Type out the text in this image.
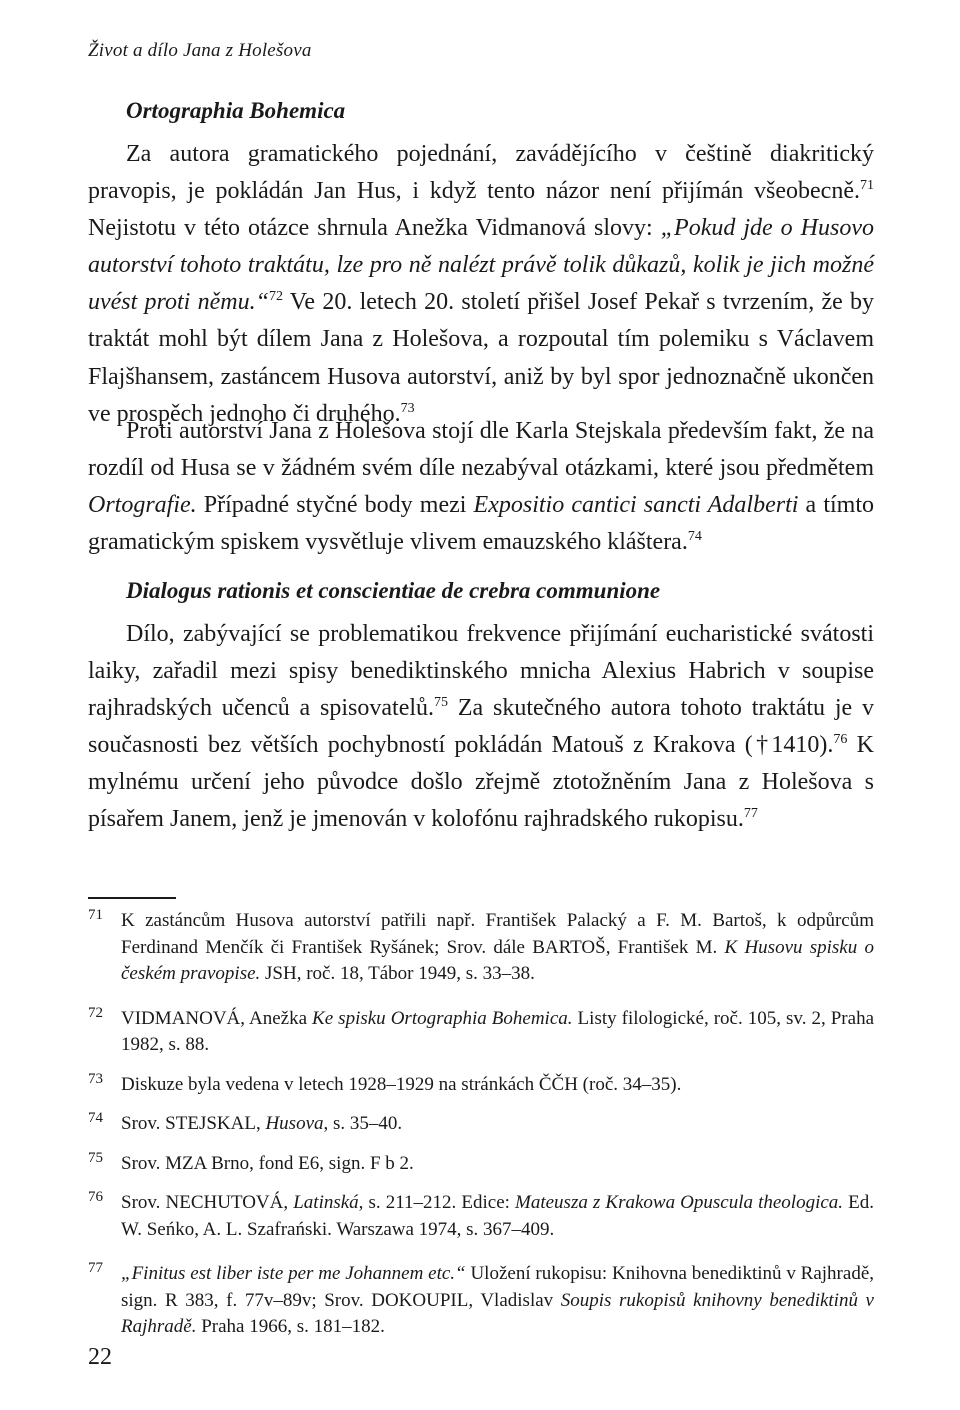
Život a dílo Jana z Holešova
Ortographia Bohemica

Za autora gramatického pojednání, zavádějícího v češtině diakritický pravopis, je pokládán Jan Hus, i když tento názor není přijímán všeobecně.$^{71}$ Nejistotu v této otázce shrnula Anežka Vidmanová slovy: „Pokud jde o Husovo autorství tohoto traktátu, lze pro ně nalézt právě tolik důkazů, kolik je jich možné uvést proti němu.“$^{72}$ Ve 20. letech 20. století přišel Josef Pekař s tvrzením, že by traktát mohl být dílem Jana z Holešova, a rozpoutal tím polemiku s Václavem Flajšhansem, zastáncem Husova autorství, aniž by byl spor jednoznačně ukončen ve prospěch jednoho či druhého.$^{73}$

Proti autorství Jana z Holešova stojí dle Karla Stejskala především fakt, že na rozdíl od Husa se v žádném svém díle nezabýval otázkami, které jsou předmětem Ortografie. Případné styčné body mezi Expositio cantici sancti Adalberti a tímto gramatickým spiskem vysvětluje vlivem emauzského kláštera.$^{74}$

Dialogus rationis et conscientiae de crebra communione

Dílo, zabývající se problematikou frekvence přijímání eucharistické svátosti laiky, zařadil mezi spisy benediktinského mnicha Alexius Habrich v soupise rajhradských učenců a spisovatelů.$^{75}$ Za skutečného autora tohoto traktátu je v současnosti bez větších pochybností pokládán Matouš z Krakova (†1410).$^{76}$ K mylnému určení jeho původce došlo zřejmě ztotožněním Jana z Holešova s písařem Janem, jenž je jmenován v kolofónu rajhradského rukopisu.$^{77}$

71 K zastáncům Husova autorství patřili např. František Palacký a F. M. Bartoš, k odpůrcům Ferdinand Menčík či František Ryšánek; Srov. dále BARTOŠ, František M. K Husovu spisku o českém pravopise. JSH, roč. 18, Tábor 1949, s. 33–38.
72 VIDMANOVÁ, Anežka Ke spisku Ortographia Bohemica. Listy filologické, roč. 105, sv. 2, Praha 1982, s. 88.
73 Diskuze byla vedena v letech 1928–1929 na stránkách ČČH (roč. 34–35).
74 Srov. STEJSKAL, Husova, s. 35–40.
75 Srov. MZA Brno, fond E6, sign. F b 2.
76 Srov. NECHUTOVÁ, Latinská, s. 211–212. Edice: Mateusza z Krakowa Opuscula theologica. Ed. W. Seńko, A. L. Szafrański. Warszawa 1974, s. 367–409.
77 „Finitus est liber iste per me Johannem etc.“ Uložení rukopisu: Knihovna benediktinů v Rajhradě, sign. R 383, f. 77v–89v; Srov. DOKOUPIL, Vladislav Soupis rukopisů knihovny benediktinů v Rajhradě. Praha 1966, s. 181–182.
22
